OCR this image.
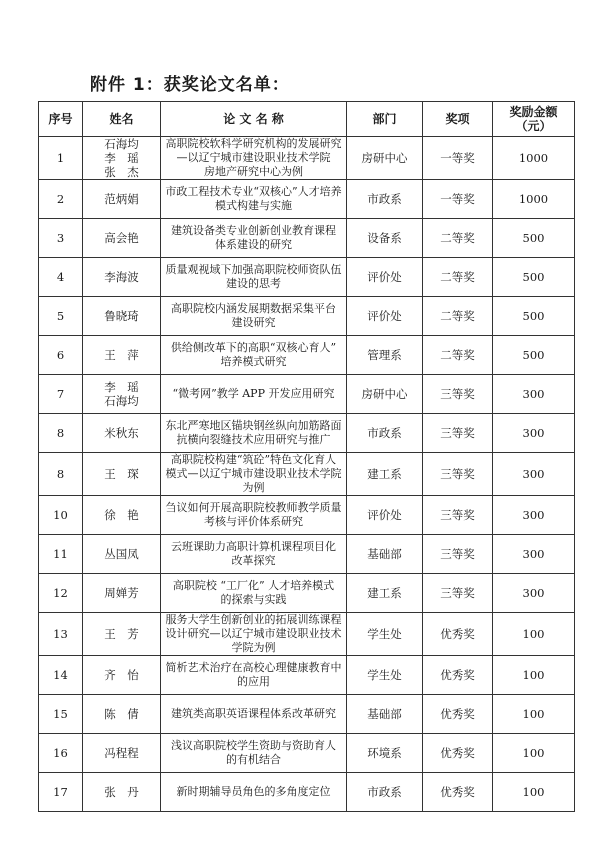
附件 1：获奖论文名单：
序号	姓名	论 文 名 称	部门	奖项	奖励金额
（元）
1	石海均
李　瑶
张　杰	高职院校软科学研究机构的发展研究
—以辽宁城市建设职业技术学院
房地产研究中心为例	房研中心	一等奖	1000
2	范炳娟	市政工程技术专业“双核心”人才培养
模式构建与实施	市政系	一等奖	1000
3	高会艳	建筑设备类专业创新创业教育课程
体系建设的研究	设备系	二等奖	500
4	李海波	质量观视域下加强高职院校师资队伍
建设的思考	评价处	二等奖	500
5	鲁晓琦	高职院校内涵发展期数据采集平台
建设研究	评价处	二等奖	500
6	王　萍	供给侧改革下的高职“双核心育人”
培养模式研究	管理系	二等奖	500
7	李　瑶
石海均	“微考网”教学 APP 开发应用研究	房研中心	三等奖	300
8	米秋东	东北严寒地区锚块钢丝纵向加筋路面
抗横向裂缝技术应用研究与推广	市政系	三等奖	300
8	王　琛	高职院校构建“筑砼”特色文化育人
模式—以辽宁城市建设职业技术学院
为例	建工系	三等奖	300
10	徐　艳	刍议如何开展高职院校教师教学质量
考核与评价体系研究	评价处	三等奖	300
11	丛国凤	云班课助力高职计算机课程项目化
改革探究	基础部	三等奖	300
12	周婵芳	高职院校 “工厂化” 人才培养模式
的探索与实践	建工系	三等奖	300
13	王　芳	服务大学生创新创业的拓展训练课程
设计研究—以辽宁城市建设职业技术
学院为例	学生处	优秀奖	100
14	齐　怡	简析艺术治疗在高校心理健康教育中
的应用	学生处	优秀奖	100
15	陈　倩	建筑类高职英语课程体系改革研究	基础部	优秀奖	100
16	冯程程	浅议高职院校学生资助与资助育人
的有机结合	环境系	优秀奖	100
17	张　丹	新时期辅导员角色的多角度定位	市政系	优秀奖	100
